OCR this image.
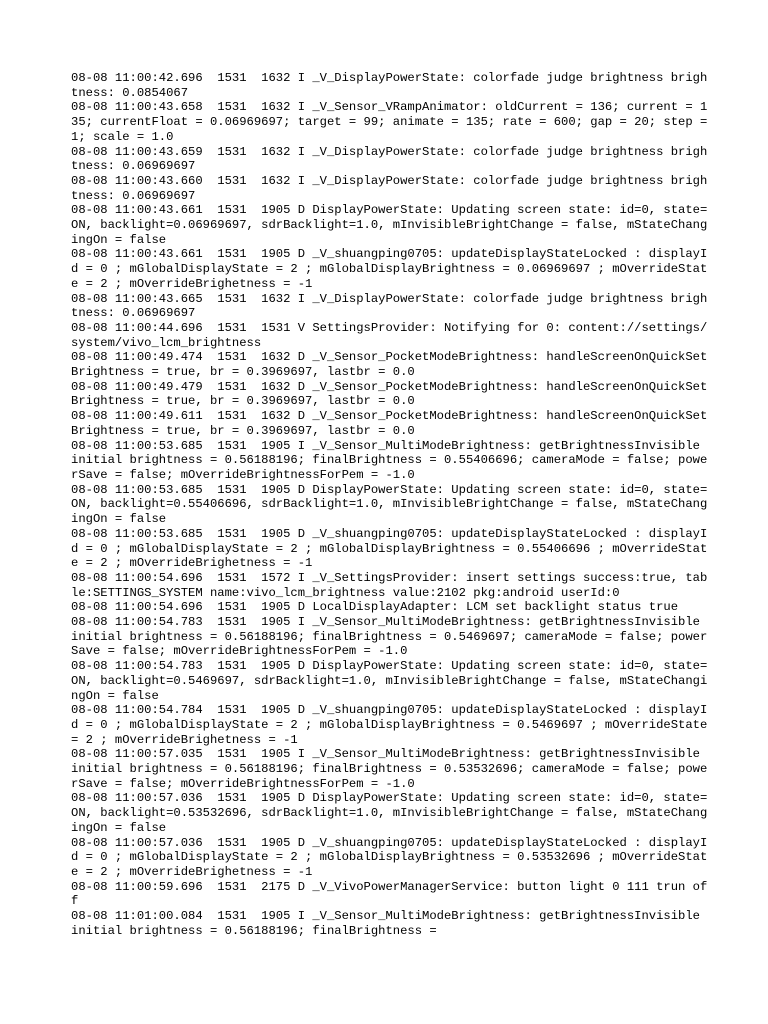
08-08 11:00:42.696  1531  1632 I _V_DisplayPowerState: colorfade judge brightness brightness: 0.0854067

08-08 11:00:43.658  1531  1632 I _V_Sensor_VRampAnimator: oldCurrent = 136; current = 135; currentFloat = 0.06969697; target = 99; animate = 135; rate = 600; gap = 20; step = 1; scale = 1.0

08-08 11:00:43.659  1531  1632 I _V_DisplayPowerState: colorfade judge brightness brightness: 0.06969697

08-08 11:00:43.660  1531  1632 I _V_DisplayPowerState: colorfade judge brightness brightness: 0.06969697

08-08 11:00:43.661  1531  1905 D DisplayPowerState: Updating screen state: id=0, state=ON, backlight=0.06969697, sdrBacklight=1.0, mInvisibleBrightChange = false, mStateChangingOn = false

08-08 11:00:43.661  1531  1905 D _V_shuangping0705: updateDisplayStateLocked : displayId = 0 ; mGlobalDisplayState = 2 ; mGlobalDisplayBrightness = 0.06969697 ; mOverrideState = 2 ; mOverrideBrighetness = -1

08-08 11:00:43.665  1531  1632 I _V_DisplayPowerState: colorfade judge brightness brightness: 0.06969697

08-08 11:00:44.696  1531  1531 V SettingsProvider: Notifying for 0: content://settings/system/vivo_lcm_brightness

08-08 11:00:49.474  1531  1632 D _V_Sensor_PocketModeBrightness: handleScreenOnQuickSetBrightness = true, br = 0.3969697, lastbr = 0.0

08-08 11:00:49.479  1531  1632 D _V_Sensor_PocketModeBrightness: handleScreenOnQuickSetBrightness = true, br = 0.3969697, lastbr = 0.0

08-08 11:00:49.611  1531  1632 D _V_Sensor_PocketModeBrightness: handleScreenOnQuickSetBrightness = true, br = 0.3969697, lastbr = 0.0

08-08 11:00:53.685  1531  1905 I _V_Sensor_MultiModeBrightness: getBrightnessInvisible initial brightness = 0.56188196; finalBrightness = 0.55406696; cameraMode = false; powerSave = false; mOverrideBrightnessForPem = -1.0

08-08 11:00:53.685  1531  1905 D DisplayPowerState: Updating screen state: id=0, state=ON, backlight=0.55406696, sdrBacklight=1.0, mInvisibleBrightChange = false, mStateChangingOn = false

08-08 11:00:53.685  1531  1905 D _V_shuangping0705: updateDisplayStateLocked : displayId = 0 ; mGlobalDisplayState = 2 ; mGlobalDisplayBrightness = 0.55406696 ; mOverrideState = 2 ; mOverrideBrighetness = -1

08-08 11:00:54.696  1531  1572 I _V_SettingsProvider: insert settings success:true, table:SETTINGS_SYSTEM name:vivo_lcm_brightness value:2102 pkg:android userId:0

08-08 11:00:54.696  1531  1905 D LocalDisplayAdapter: LCM set backlight status true

08-08 11:00:54.783  1531  1905 I _V_Sensor_MultiModeBrightness: getBrightnessInvisible initial brightness = 0.56188196; finalBrightness = 0.5469697; cameraMode = false; powerSave = false; mOverrideBrightnessForPem = -1.0

08-08 11:00:54.783  1531  1905 D DisplayPowerState: Updating screen state: id=0, state=ON, backlight=0.5469697, sdrBacklight=1.0, mInvisibleBrightChange = false, mStateChangingOn = false

08-08 11:00:54.784  1531  1905 D _V_shuangping0705: updateDisplayStateLocked : displayId = 0 ; mGlobalDisplayState = 2 ; mGlobalDisplayBrightness = 0.5469697 ; mOverrideState = 2 ; mOverrideBrighetness = -1

08-08 11:00:57.035  1531  1905 I _V_Sensor_MultiModeBrightness: getBrightnessInvisible initial brightness = 0.56188196; finalBrightness = 0.53532696; cameraMode = false; powerSave = false; mOverrideBrightnessForPem = -1.0

08-08 11:00:57.036  1531  1905 D DisplayPowerState: Updating screen state: id=0, state=ON, backlight=0.53532696, sdrBacklight=1.0, mInvisibleBrightChange = false, mStateChangingOn = false

08-08 11:00:57.036  1531  1905 D _V_shuangping0705: updateDisplayStateLocked : displayId = 0 ; mGlobalDisplayState = 2 ; mGlobalDisplayBrightness = 0.53532696 ; mOverrideState = 2 ; mOverrideBrighetness = -1

08-08 11:00:59.696  1531  2175 D _V_VivoPowerManagerService: button light 0 111 trun off

08-08 11:01:00.084  1531  1905 I _V_Sensor_MultiModeBrightness: getBrightnessInvisible initial brightness = 0.56188196; finalBrightness =
